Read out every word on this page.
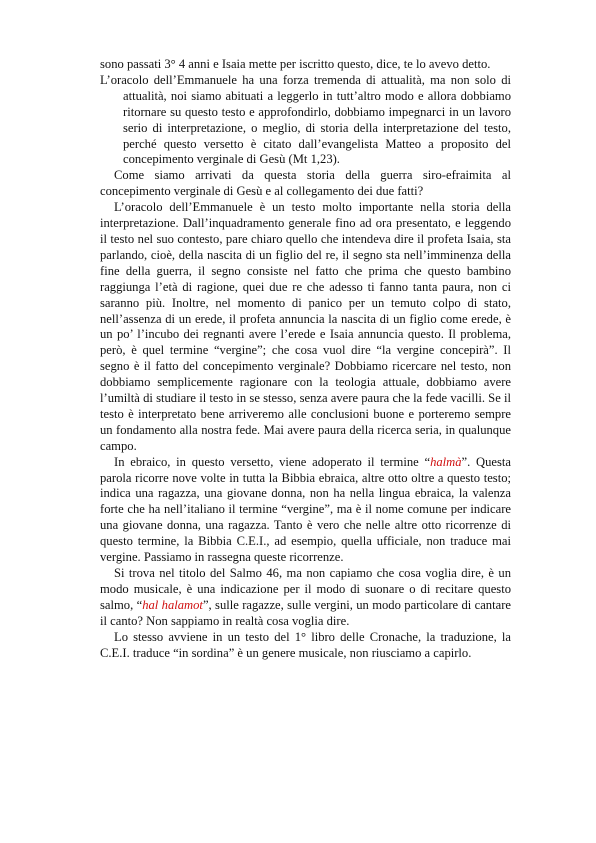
sono passati 3° 4 anni e Isaia mette per iscritto questo, dice, te lo avevo detto.

L’oracolo dell’Emmanuele ha una forza tremenda di attualità, ma non solo di attualità, noi siamo abituati a leggerlo in tutt’altro modo e allora dobbiamo ritornare su questo testo e approfondirlo, dobbiamo impegnarci in un lavoro serio di interpretazione, o meglio, di storia della interpretazione del testo, perché questo versetto è citato dall’evangelista Matteo a proposito del concepimento verginale di Gesù (Mt 1,23).

Come siamo arrivati da questa storia della guerra siro-efraimita al concepimento verginale di Gesù e al collegamento dei due fatti?

L’oracolo dell’Emmanuele è un testo molto importante nella storia della interpretazione. Dall’inquadramento generale fino ad ora presentato, e leggendo il testo nel suo contesto, pare chiaro quello che intendeva dire il profeta Isaia, sta parlando, cioè, della nascita di un figlio del re, il segno sta nell’imminenza della fine della guerra, il segno consiste nel fatto che prima che questo bambino raggiunga l’età di ragione, quei due re che adesso ti fanno tanta paura, non ci saranno più. Inoltre, nel momento di panico per un temuto colpo di stato, nell’assenza di un erede, il profeta annuncia la nascita di un figlio come erede, è un po’ l’incubo dei regnanti avere l’erede e Isaia annuncia questo. Il problema, però, è quel termine “vergine”; che cosa vuol dire “la vergine concepirà”. Il segno è il fatto del concepimento verginale? Dobbiamo ricercare nel testo, non dobbiamo semplicemente ragionare con la teologia attuale, dobbiamo avere l’umiltà di studiare il testo in se stesso, senza avere paura che la fede vacilli. Se il testo è interpretato bene arriveremo alle conclusioni buone e porteremo sempre un fondamento alla nostra fede. Mai avere paura della ricerca seria, in qualunque campo.

In ebraico, in questo versetto, viene adoperato il termine “halmà”. Questa parola ricorre nove volte in tutta la Bibbia ebraica, altre otto oltre a questo testo; indica una ragazza, una giovane donna, non ha nella lingua ebraica, la valenza forte che ha nell’italiano il termine “vergine”, ma è il nome comune per indicare una giovane donna, una ragazza. Tanto è vero che nelle altre otto ricorrenze di questo termine, la Bibbia C.E.I., ad esempio, quella ufficiale, non traduce mai vergine. Passiamo in rassegna queste ricorrenze.

Si trova nel titolo del Salmo 46, ma non capiamo che cosa voglia dire, è un modo musicale, è una indicazione per il modo di suonare o di recitare questo salmo, “hal halamot”, sulle ragazze, sulle vergini, un modo particolare di cantare il canto? Non sappiamo in realtà cosa voglia dire.

Lo stesso avviene in un testo del 1° libro delle Cronache, la traduzione, la C.E.I. traduce “in sordina” è un genere musicale, non riusciamo a capirlo.
